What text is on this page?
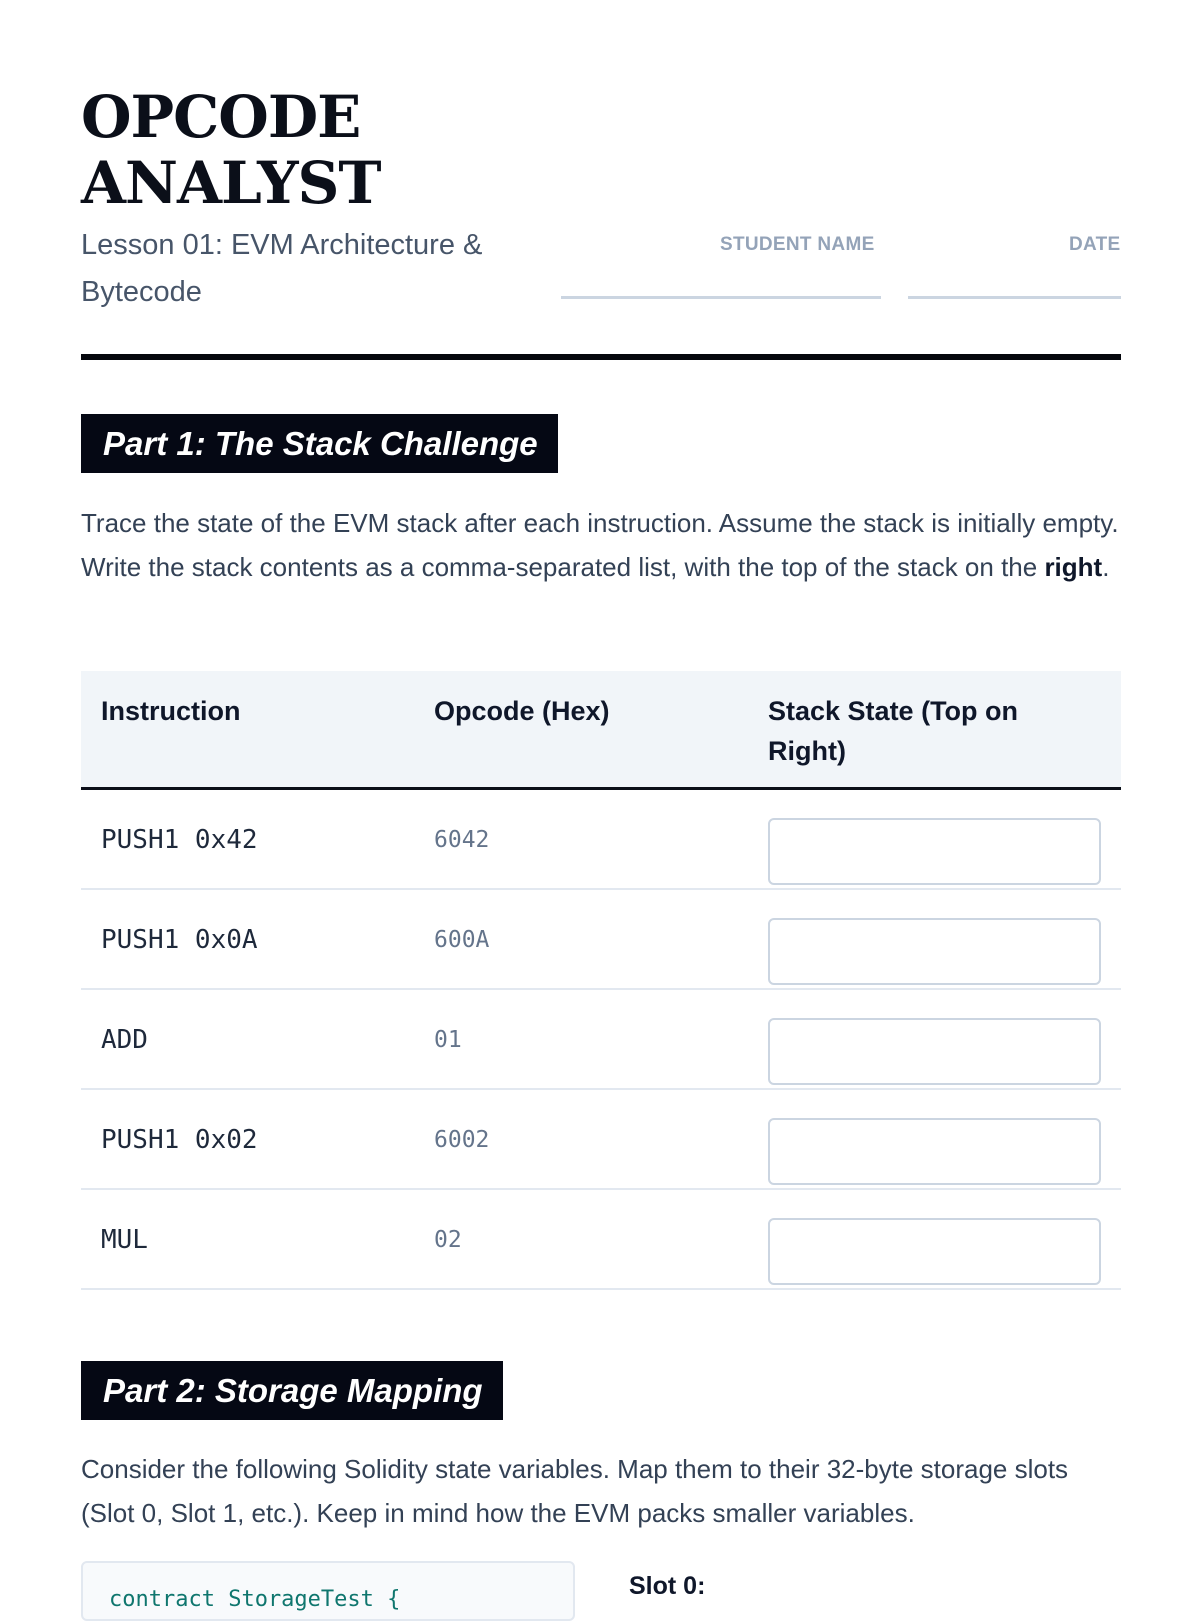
OPCODE ANALYST
Lesson 01: EVM Architecture & Bytecode
STUDENT NAME	DATE
Part 1: The Stack Challenge

Trace the state of the EVM stack after each instruction. Assume the stack is initially empty. Write the stack contents as a comma-separated list, with the top of the stack on the right.

Instruction	Opcode (Hex)	Stack State (Top on Right)
PUSH1 0x42	6042
PUSH1 0x0A	600A
ADD	01
PUSH1 0x02	6002
MUL	02
Part 2: Storage Mapping

Consider the following Solidity state variables. Map them to their 32-byte storage slots (Slot 0, Slot 1, etc.). Keep in mind how the EVM packs smaller variables.

contract StorageTest {	Slot 0:
